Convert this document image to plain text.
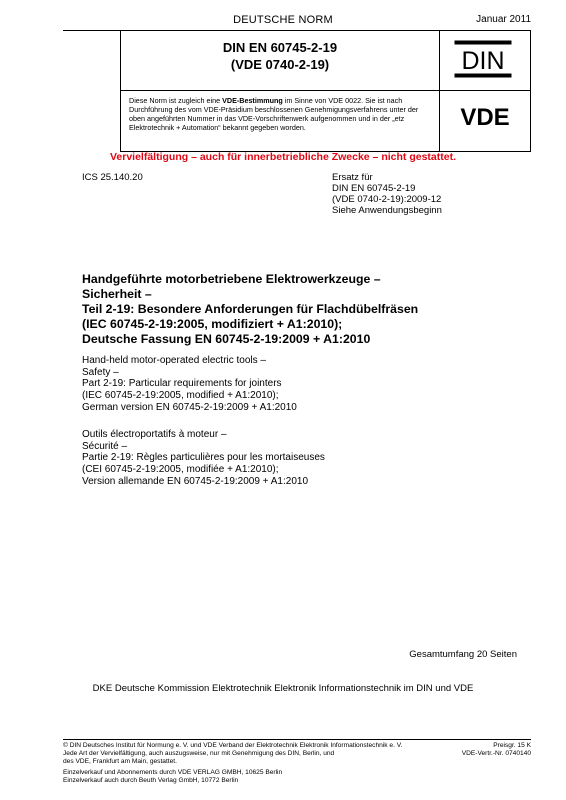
DEUTSCHE NORM	Januar 2011
DIN EN 60745-2-19
(VDE 0740-2-19)	DIN
Diese Norm ist zugleich eine VDE-Bestimmung im Sinne von VDE 0022. Sie ist nach Durchführung des vom VDE-Präsidium beschlossenen Genehmigungsverfahrens unter der oben angeführten Nummer in das VDE-Vorschriftenwerk aufgenommen und in der „etz Elektrotechnik + Automation“ bekannt gegeben worden.	VDE
Vervielfältigung – auch für innerbetriebliche Zwecke – nicht gestattet.
ICS 25.140.20	Ersatz für
DIN EN 60745-2-19
(VDE 0740-2-19):2009-12
Siehe Anwendungsbeginn
Handgeführte motorbetriebene Elektrowerkzeuge –
Sicherheit –
Teil 2-19: Besondere Anforderungen für Flachdübelfräsen
(IEC 60745-2-19:2005, modifiziert + A1:2010);
Deutsche Fassung EN 60745-2-19:2009 + A1:2010
Hand-held motor-operated electric tools –
Safety –
Part 2-19: Particular requirements for jointers
(IEC 60745-2-19:2005, modified + A1:2010);
German version EN 60745-2-19:2009 + A1:2010
Outils électroportatifs à moteur –
Sécurité –
Partie 2-19: Règles particulières pour les mortaiseuses
(CEI 60745-2-19:2005, modifiée + A1:2010);
Version allemande EN 60745-2-19:2009 + A1:2010
Gesamtumfang 20 Seiten
DKE Deutsche Kommission Elektrotechnik Elektronik Informationstechnik im DIN und VDE
© DIN Deutsches Institut für Normung e. V. und VDE Verband der Elektrotechnik Elektronik Informationstechnik e. V.
Jede Art der Vervielfältigung, auch auszugsweise, nur mit Genehmigung des DIN, Berlin, und
des VDE, Frankfurt am Main, gestattet.
Preisgr. 15 K
VDE-Vertr.-Nr. 0740140
Einzelverkauf und Abonnements durch VDE VERLAG GMBH, 10625 Berlin
Einzelverkauf auch durch Beuth Verlag GmbH, 10772 Berlin
